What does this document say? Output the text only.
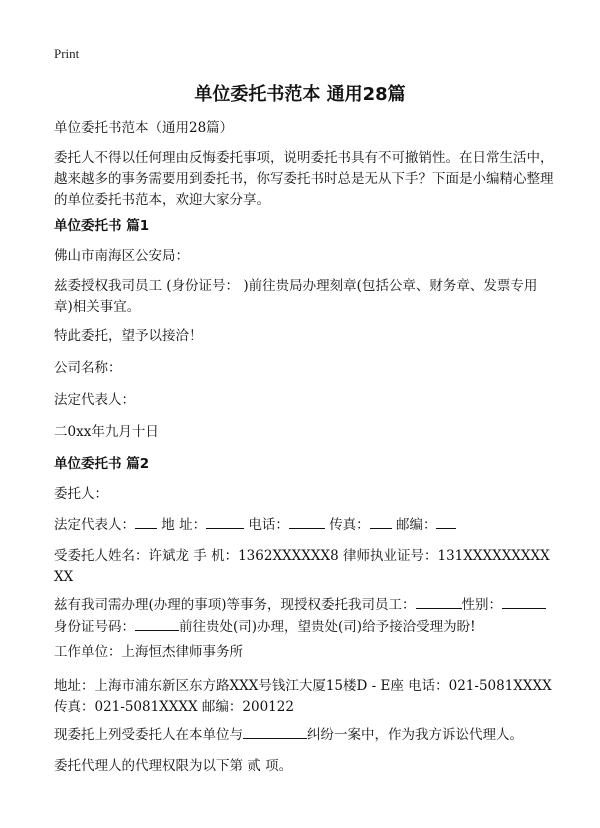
Print
单位委托书范本 通用28篇
单位委托书范本（通用28篇）
委托人不得以任何理由反悔委托事项，说明委托书具有不可撤销性。在日常生活中，越来越多的事务需要用到委托书，你写委托书时总是无从下手？下面是小编精心整理的单位委托书范本，欢迎大家分享。
单位委托书 篇1
佛山市南海区公安局：
兹委授权我司员工 (身份证号： )前往贵局办理刻章(包括公章、财务章、发票专用章)相关事宜。
特此委托，望予以接洽！
公司名称：
法定代表人：
二0xx年九月十日
单位委托书 篇2
委托人：
法定代表人： 地 址：	电话：	传真： 邮编：
受委托人姓名：许斌龙 手 机：1362XXXXXX8 律师执业证号：131XXXXXXXXXXX
兹有我司需办理(办理的事项)等事务，现授权委托我司员工：	性别：身份证号码：	前往贵处(司)办理，望贵处(司)给予接洽受理为盼!
工作单位：上海恒杰律师事务所
地址：上海市浦东新区东方路XXX号钱江大厦15楼D - E座 电话：021-5081XXXX 传真：021-5081XXXX 邮编：200122
现委托上列受委托人在本单位与	纠纷一案中，作为我方诉讼代理人。
委托代理人的代理权限为以下第 贰 项。
